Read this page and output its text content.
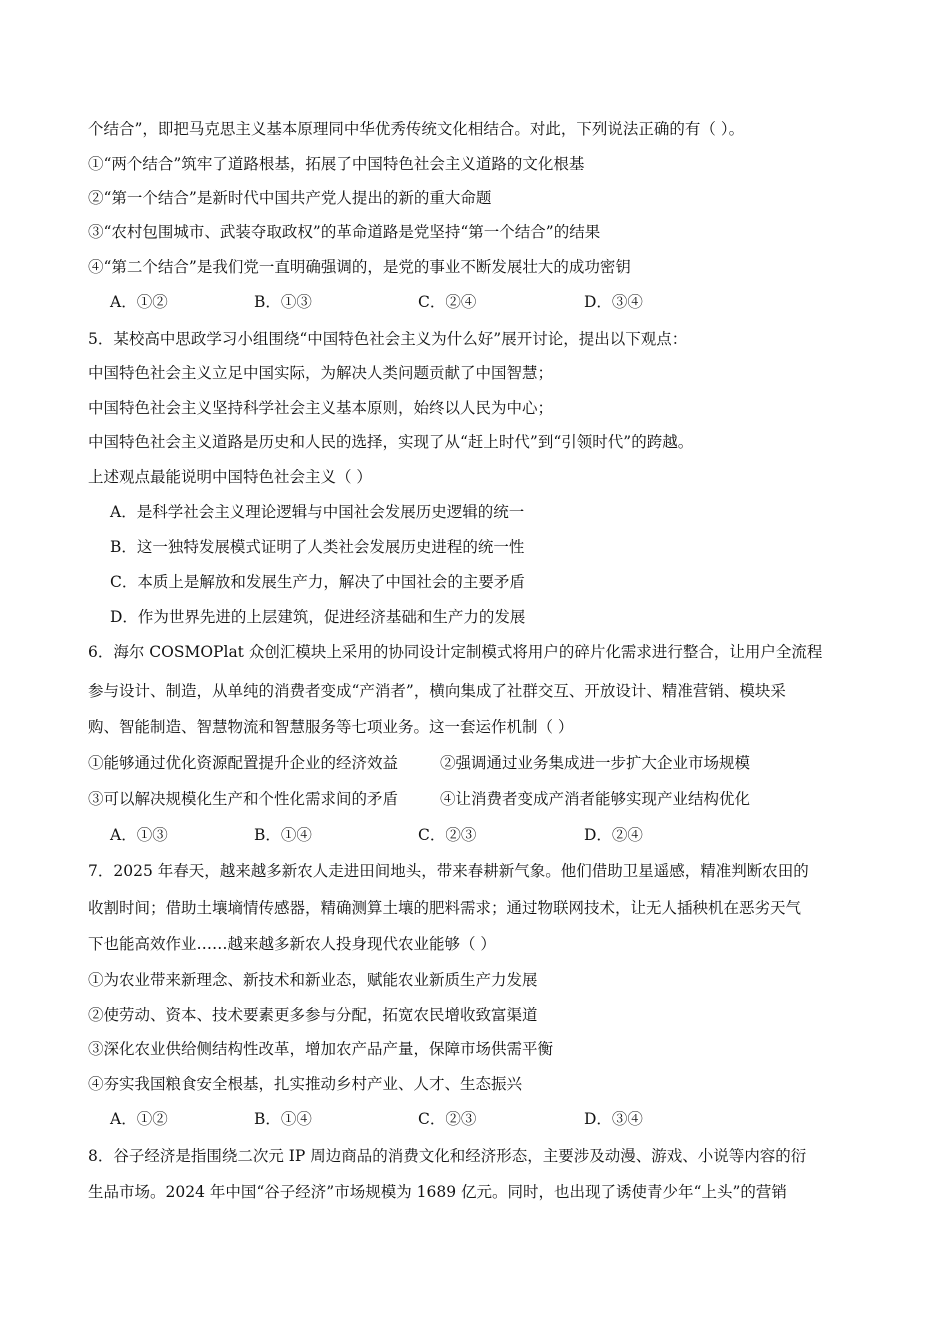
个结合”，即把马克思主义基本原理同中华优秀传统文化相结合。对此，下列说法正确的有（ ）。
①“两个结合”筑牢了道路根基，拓展了中国特色社会主义道路的文化根基
②“第一个结合”是新时代中国共产党人提出的新的重大命题
③“农村包围城市、武装夺取政权”的革命道路是党坚持“第一个结合”的结果
④“第二个结合”是我们党一直明确强调的，是党的事业不断发展壮大的成功密钥
A．①②	B．①③	C．②④	D．③④
5．某校高中思政学习小组围绕“中国特色社会主义为什么好”展开讨论，提出以下观点：
中国特色社会主义立足中国实际，为解决人类问题贡献了中国智慧；
中国特色社会主义坚持科学社会主义基本原则，始终以人民为中心；
中国特色社会主义道路是历史和人民的选择，实现了从“赶上时代”到“引领时代”的跨越。
上述观点最能说明中国特色社会主义（ ）
A．是科学社会主义理论逻辑与中国社会发展历史逻辑的统一
B．这一独特发展模式证明了人类社会发展历史进程的统一性
C．本质上是解放和发展生产力，解决了中国社会的主要矛盾
D．作为世界先进的上层建筑，促进经济基础和生产力的发展
6．海尔 COSMOPlat 众创汇模块上采用的协同设计定制模式将用户的碎片化需求进行整合，让用户全流程
参与设计、制造，从单纯的消费者变成“产消者”，横向集成了社群交互、开放设计、精准营销、模块采
购、智能制造、智慧物流和智慧服务等七项业务。这一套运作机制（ ）
①能够通过优化资源配置提升企业的经济效益	②强调通过业务集成进一步扩大企业市场规模
③可以解决规模化生产和个性化需求间的矛盾	④让消费者变成产消者能够实现产业结构优化
A．①③	B．①④	C．②③	D．②④
7．2025 年春天，越来越多新农人走进田间地头，带来春耕新气象。他们借助卫星遥感，精准判断农田的
收割时间；借助土壤墒情传感器，精确测算土壤的肥料需求；通过物联网技术，让无人插秧机在恶劣天气
下也能高效作业……越来越多新农人投身现代农业能够（ ）
①为农业带来新理念、新技术和新业态，赋能农业新质生产力发展
②使劳动、资本、技术要素更多参与分配，拓宽农民增收致富渠道
③深化农业供给侧结构性改革，增加农产品产量，保障市场供需平衡
④夯实我国粮食安全根基，扎实推动乡村产业、人才、生态振兴
A．①②	B．①④	C．②③	D．③④
8．谷子经济是指围绕二次元 IP 周边商品的消费文化和经济形态，主要涉及动漫、游戏、小说等内容的衍
生品市场。2024 年中国“谷子经济”市场规模为 1689 亿元。同时，也出现了诱使青少年“上头”的营销
